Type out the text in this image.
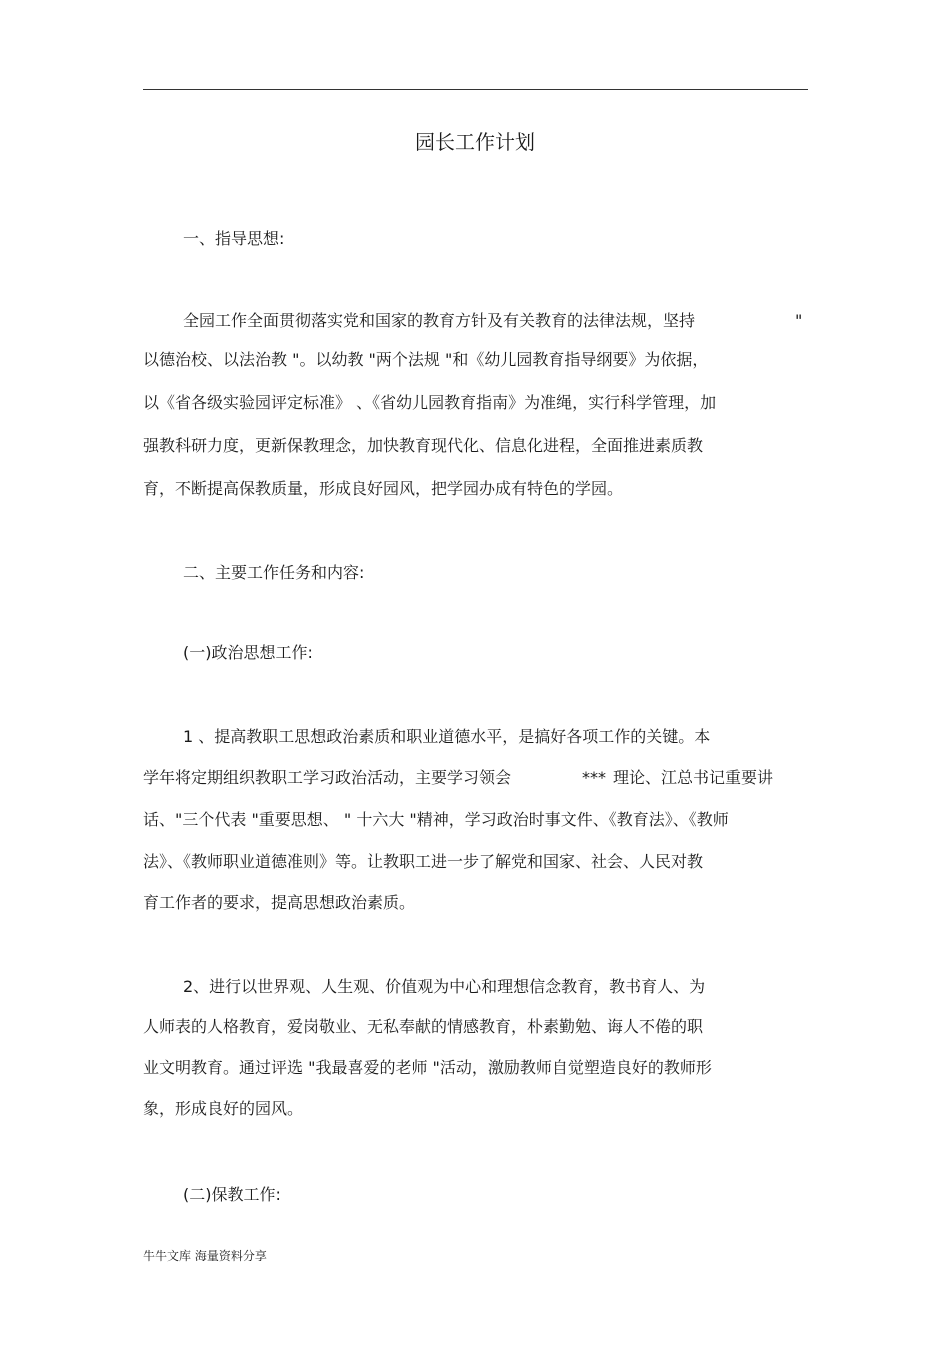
园长工作计划
一、指导思想:
全园工作全面贯彻落实党和国家的教育方针及有关教育的法律法规，坚持	"
以德治校、以法治教 "。以幼教 "两个法规 "和《幼儿园教育指导纲要》为依据，
以《省各级实验园评定标准》 、《省幼儿园教育指南》为准绳，实行科学管理，加
强教科研力度，更新保教理念，加快教育现代化、信息化进程，全面推进素质教
育，不断提高保教质量，形成良好园风，把学园办成有特色的学园。
二、主要工作任务和内容:
(一)政治思想工作:
1 、提高教职工思想政治素质和职业道德水平，是搞好各项工作的关键。本
学年将定期组织教职工学习政治活动，主要学习领会	*** 理论、江总书记重要讲
话、"三个代表 "重要思想、 " 十六大 "精神，学习政治时事文件、《教育法》、《教师
法》、《教师职业道德准则》等。让教职工进一步了解党和国家、社会、人民对教
育工作者的要求，提高思想政治素质。
2、进行以世界观、人生观、价值观为中心和理想信念教育，教书育人、为
人师表的人格教育，爱岗敬业、无私奉献的情感教育，朴素勤勉、诲人不倦的职
业文明教育。通过评选 "我最喜爱的老师 "活动，激励教师自觉塑造良好的教师形
象，形成良好的园风。
(二)保教工作:
牛牛文库 海量资料分享
